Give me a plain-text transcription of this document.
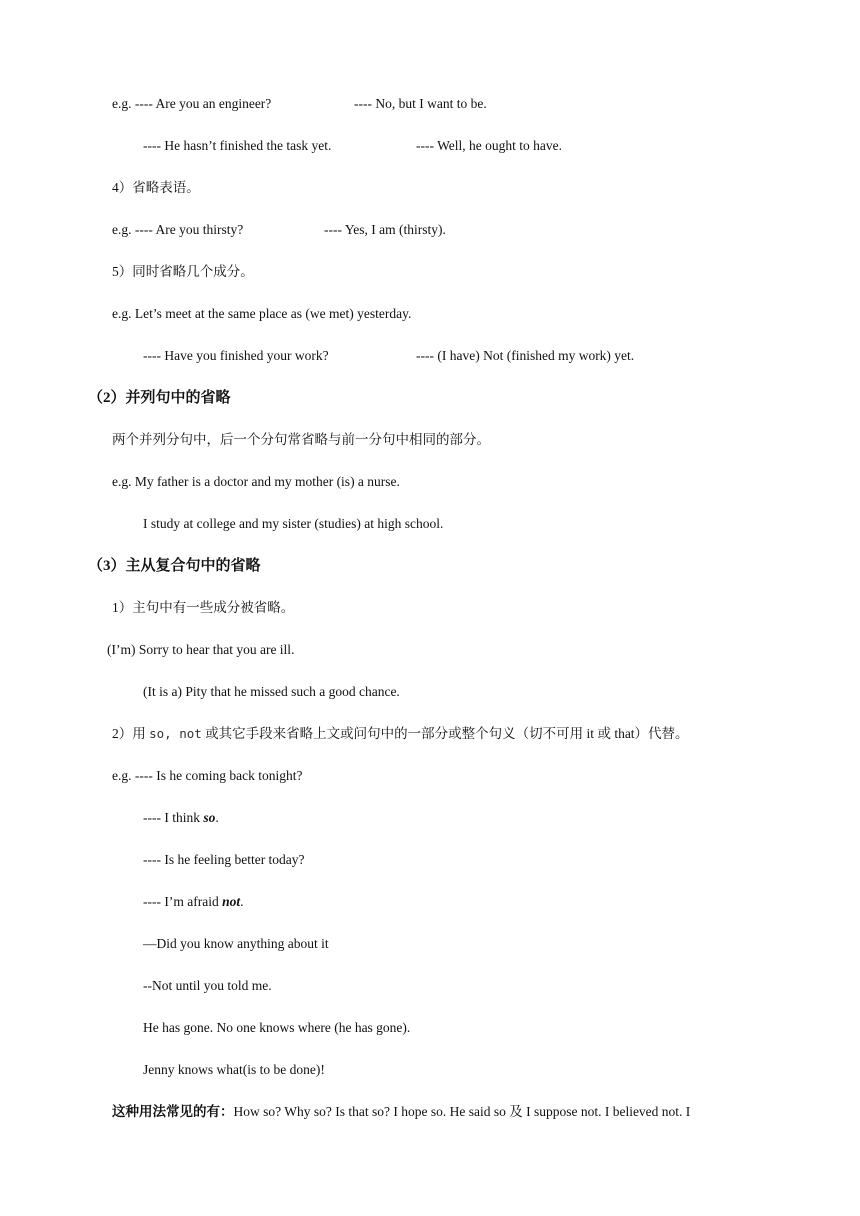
e.g. ---- Are you an engineer?	---- No, but I want to be.
---- He hasn’t finished the task yet.	---- Well, he ought to have.
4）省略表语。
e.g. ---- Are you thirsty?	---- Yes, I am (thirsty).
5）同时省略几个成分。
e.g. Let’s meet at the same place as (we met) yesterday.
---- Have you finished your work?	---- (I have) Not (finished my work) yet.
（2）并列句中的省略
两个并列分句中，后一个分句常省略与前一分句中相同的部分。
e.g. My father is a doctor and my mother (is) a nurse.
I study at college and my sister (studies) at high school.
（3）主从复合句中的省略
1）主句中有一些成分被省略。
(I’m) Sorry to hear that you are ill.
(It is a) Pity that he missed such a good chance.
2）用 so, not 或其它手段来省略上文或问句中的一部分或整个句义（切不可用 it 或 that）代替。
e.g. ---- Is he coming back tonight?
---- I think so.
---- Is he feeling better today?
---- I’m afraid not.
—Did you know anything about it
--Not until you told me.
He has gone. No one knows where (he has gone).
Jenny knows what(is to be done)!
这种用法常见的有：How so? Why so? Is that so? I hope so. He said so 及 I suppose not. I believed not. I
